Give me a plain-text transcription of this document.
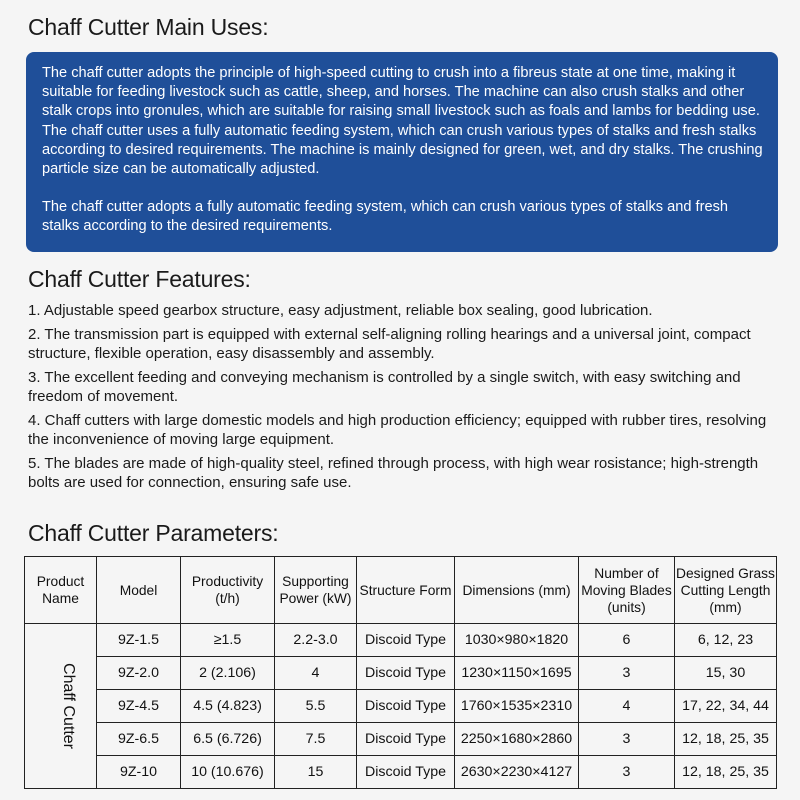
Chaff Cutter Main Uses:

The chaff cutter adopts the principle of high-speed cutting to crush into a fibreus state at one time, making it suitable for feeding livestock such as cattle, sheep, and horses. The machine can also crush stalks and other stalk crops into gronules, which are suitable for raising small livestock such as foals and lambs for bedding use. The chaff cutter uses a fully automatic feeding system, which can crush various types of stalks and fresh stalks according to desired requirements. The machine is mainly designed for green, wet, and dry stalks. The crushing particle size can be automatically adjusted.

The chaff cutter adopts a fully automatic feeding system, which can crush various types of stalks and fresh stalks according to the desired requirements.

Chaff Cutter Features:

1. Adjustable speed gearbox structure, easy adjustment, reliable box sealing, good lubrication.

2. The transmission part is equipped with external self-aligning rolling hearings and a universal joint, compact structure, flexible operation, easy disassembly and assembly.

3. The excellent feeding and conveying mechanism is controlled by a single switch, with easy switching and freedom of movement.

4. Chaff cutters with large domestic models and high production efficiency; equipped with rubber tires, resolving the inconvenience of moving large equipment.

5. The blades are made of high-quality steel, refined through process, with high wear rosistance; high-strength bolts are used for connection, ensuring safe use.

Chaff Cutter Parameters:
Product Name	Model	Productivity (t/h)	Supporting Power (kW)	Structure Form	Dimensions (mm)	Number of Moving Blades (units)	Designed Grass Cutting Length (mm)
Chaff Cutter	9Z-1.5	≥1.5	2.2-3.0	Discoid Type	1030×980×1820	6	6, 12, 23
	9Z-2.0	2 (2.106)	4	Discoid Type	1230×1150×1695	3	15, 30
	9Z-4.5	4.5 (4.823)	5.5	Discoid Type	1760×1535×2310	4	17, 22, 34, 44
	9Z-6.5	6.5 (6.726)	7.5	Discoid Type	2250×1680×2860	3	12, 18, 25, 35
	9Z-10	10 (10.676)	15	Discoid Type	2630×2230×4127	3	12, 18, 25, 35
